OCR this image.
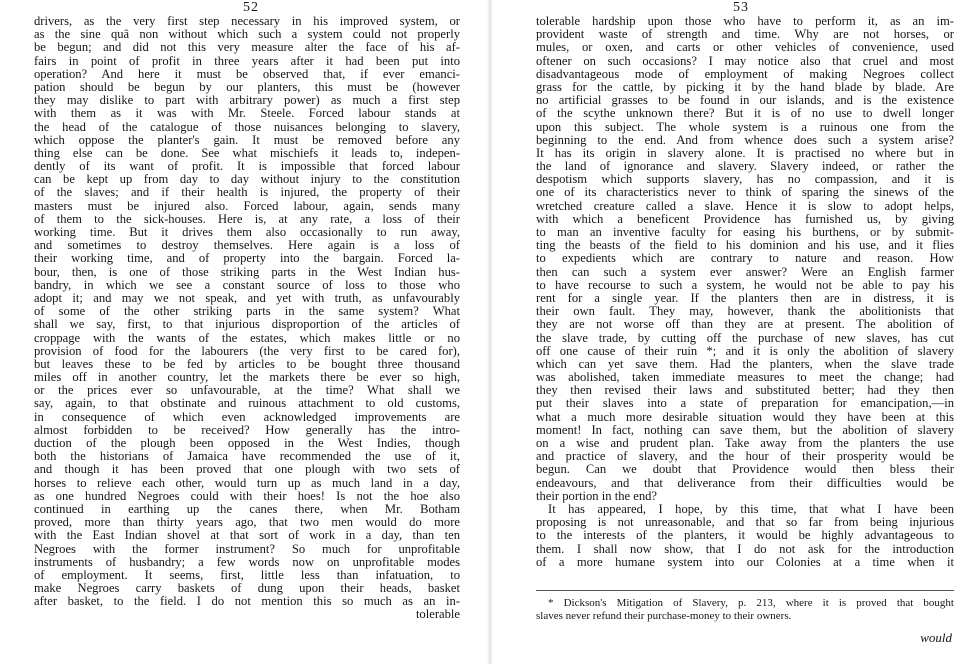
52
drivers, as the very first step necessary in his improved system, or
as the sine quâ non without which such a system could not properly
be begun; and did not this very measure alter the face of his af-
fairs in point of profit in three years after it had been put into
operation? And here it must be observed that, if ever emanci-
pation should be begun by our planters, this must be (however
they may dislike to part with arbitrary power) as much a first step
with them as it was with Mr. Steele. Forced labour stands at
the head of the catalogue of those nuisances belonging to slavery,
which oppose the planter's gain. It must be removed before any
thing else can be done. See what mischiefs it leads to, indepen-
dently of its want of profit. It is impossible that forced labour
can be kept up from day to day without injury to the constitution
of the slaves; and if their health is injured, the property of their
masters must be injured also. Forced labour, again, sends many
of them to the sick-houses. Here is, at any rate, a loss of their
working time. But it drives them also occasionally to run away,
and sometimes to destroy themselves. Here again is a loss of
their working time, and of property into the bargain. Forced la-
bour, then, is one of those striking parts in the West Indian hus-
bandry, in which we see a constant source of loss to those who
adopt it; and may we not speak, and yet with truth, as unfavourably
of some of the other striking parts in the same system? What
shall we say, first, to that injurious disproportion of the articles of
croppage with the wants of the estates, which makes little or no
provision of food for the labourers (the very first to be cared for),
but leaves these to be fed by articles to be bought three thousand
miles off in another country, let the markets there be ever so high,
or the prices ever so unfavourable, at the time? What shall we
say, again, to that obstinate and ruinous attachment to old customs,
in consequence of which even acknowledged improvements are
almost forbidden to be received? How generally has the intro-
duction of the plough been opposed in the West Indies, though
both the historians of Jamaica have recommended the use of it,
and though it has been proved that one plough with two sets of
horses to relieve each other, would turn up as much land in a day,
as one hundred Negroes could with their hoes! Is not the hoe also
continued in earthing up the canes there, when Mr. Botham
proved, more than thirty years ago, that two men would do more
with the East Indian shovel at that sort of work in a day, than ten
Negroes with the former instrument? So much for unprofitable
instruments of husbandry; a few words now on unprofitable modes
of employment. It seems, first, little less than infatuation, to
make Negroes carry baskets of dung upon their heads, basket
after basket, to the field. I do not mention this so much as an in-
tolerable
53
tolerable hardship upon those who have to perform it, as an im-
provident waste of strength and time. Why are not horses, or
mules, or oxen, and carts or other vehicles of convenience, used
oftener on such occasions? I may notice also that cruel and most
disadvantageous mode of employment of making Negroes collect
grass for the cattle, by picking it by the hand blade by blade. Are
no artificial grasses to be found in our islands, and is the existence
of the scythe unknown there? But it is of no use to dwell longer
upon this subject. The whole system is a ruinous one from the
beginning to the end. And from whence does such a system arise?
It has its origin in slavery alone. It is practised no where but in
the land of ignorance and slavery. Slavery indeed, or rather the
despotism which supports slavery, has no compassion, and it is
one of its characteristics never to think of sparing the sinews of the
wretched creature called a slave. Hence it is slow to adopt helps,
with which a beneficent Providence has furnished us, by giving
to man an inventive faculty for easing his burthens, or by submit-
ting the beasts of the field to his dominion and his use, and it flies
to expedients which are contrary to nature and reason. How
then can such a system ever answer? Were an English farmer
to have recourse to such a system, he would not be able to pay his
rent for a single year. If the planters then are in distress, it is
their own fault. They may, however, thank the abolitionists that
they are not worse off than they are at present. The abolition of
the slave trade, by cutting off the purchase of new slaves, has cut
off one cause of their ruin *; and it is only the abolition of slavery
which can yet save them. Had the planters, when the slave trade
was abolished, taken immediate measures to meet the change; had
they then revised their laws and substituted better; had they then
put their slaves into a state of preparation for emancipation,—in
what a much more desirable situation would they have been at this
moment! In fact, nothing can save them, but the abolition of slavery
on a wise and prudent plan. Take away from the planters the use
and practice of slavery, and the hour of their prosperity would be
begun. Can we doubt that Providence would then bless their
endeavours, and that deliverance from their difficulties would be
their portion in the end?
It has appeared, I hope, by this time, that what I have been
proposing is not unreasonable, and that so far from being injurious
to the interests of the planters, it would be highly advantageous to
them. I shall now show, that I do not ask for the introduction
of a more humane system into our Colonies at a time when it
* Dickson's Mitigation of Slavery, p. 213, where it is proved that bought
slaves never refund their purchase-money to their owners.
would
